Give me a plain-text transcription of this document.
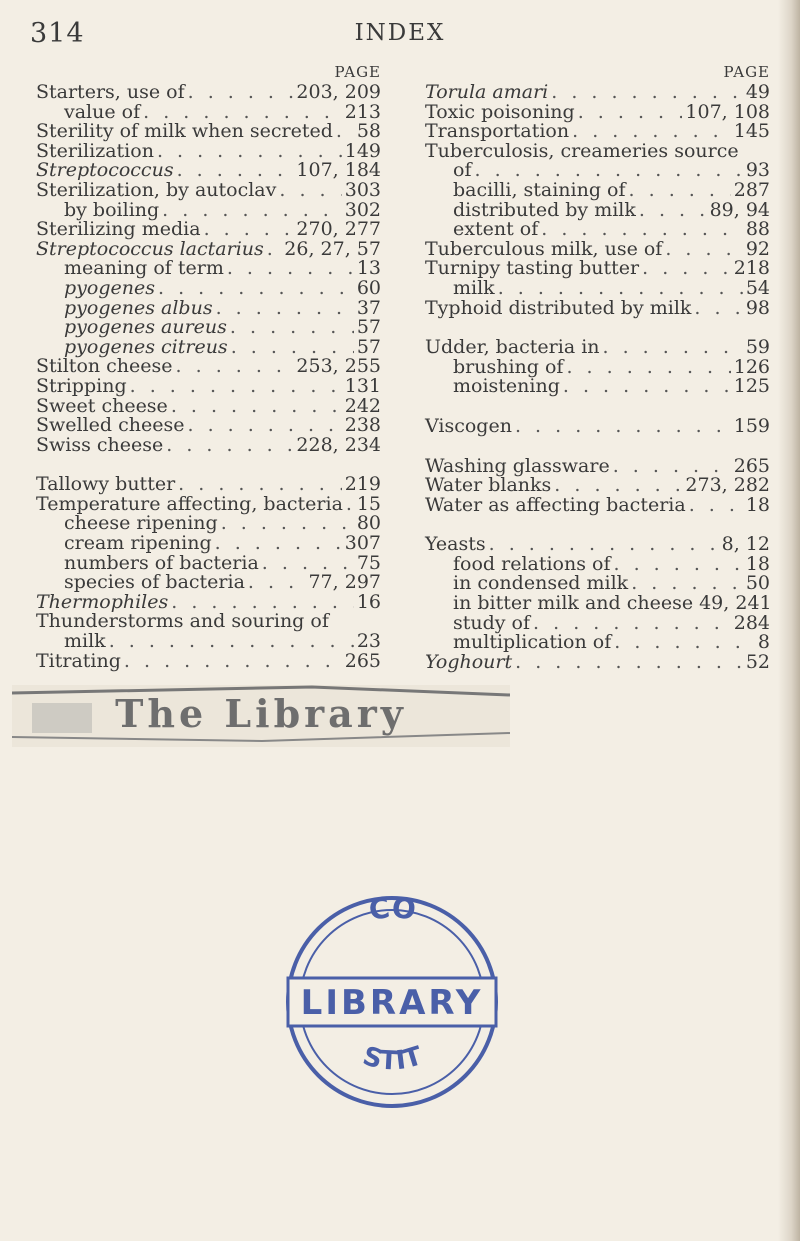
314	INDEX
PAGE
Starters, use of . . .	203, 209
value of . . .	213
Sterility of milk when secreted . . . 58
Sterilization . . .	149
Streptococcus . . .	107, 184
Sterilization, by autoclav . . .	303
by boiling . . .	302
Sterilizing media . . .	270, 277
Streptococcus lactarius . . . 26, 27, 57
meaning of term . . .	13
pyogenes . . .	60
pyogenes albus . . .	37
pyogenes aureus . . .	57
pyogenes citreus . . .	57
Stilton cheese . . .	253, 255
Stripping . . .	131
Sweet cheese . . .	242
Swelled cheese . . .	238
Swiss cheese . . .	228, 234
Tallowy butter . . .	219
Temperature affecting, bacteria . . . 15
cheese ripening . . .	80
cream ripening . . .	307
numbers of bacteria . . .	75
species of bacteria . . .	77, 297
Thermophiles . . .	16
Thunderstorms and souring of
milk . . .	23
Titrating . . .	265
PAGE
Torula amari . . .	49
Toxic poisoning . . .	107, 108
Transportation . . .	145
Tuberculosis, creameries source
of . . .	93
bacilli, staining of . . .	287
distributed by milk . . .	89, 94
extent of . . .	88
Tuberculous milk, use of . . .	92
Turnipy tasting butter . . .	218
milk . . .	54
Typhoid distributed by milk . . .	98
Udder, bacteria in . . .	59
brushing of . . .	126
moistening . . .	125
Viscogen . . .	159
Washing glassware . . .	265
Water blanks . . .	273, 282
Water as affecting bacteria . . .	18
Yeasts . . .	8, 12
food relations of . . .	18
in condensed milk . . .	50
in bitter milk and cheese 49, 241
study of . . .	284
multiplication of . . .	8
Yoghourt . . .	52
The Library
LIBRARY
CO
STIT
